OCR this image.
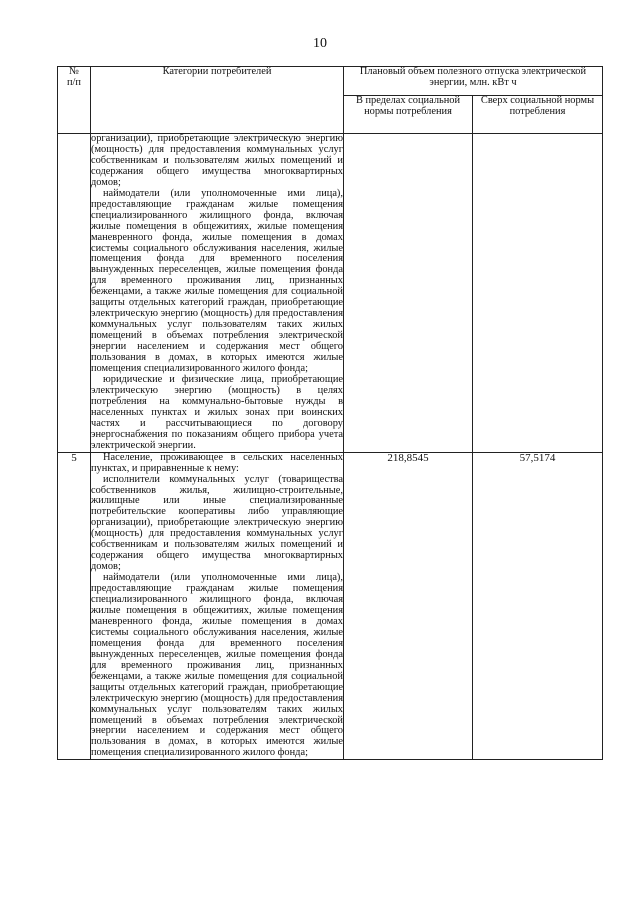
10
№
п/п	Категории потребителей	Плановый объем полезного отпуска электрической энергии, млн. кВт ч	
		В пределах социальной нормы потребления	Сверх социальной нормы потребления

	организации), приобретающие электрическую энергию (мощность) для предоставления коммунальных услуг собственникам и пользователям жилых помещений и содержания общего имущества многоквартирных домов;

наймодатели (или уполномоченные ими лица), предоставляющие гражданам жилые помещения специализированного жилищного фонда, включая жилые помещения в общежитиях, жилые помещения маневренного фонда, жилые помещения в домах системы социального обслуживания населения, жилые помещения фонда для временного поселения вынужденных переселенцев, жилые помещения фонда для временного проживания лиц, признанных беженцами, а также жилые помещения для социальной защиты отдельных категорий граждан, приобретающие электрическую энергию (мощность) для предоставления коммунальных услуг пользователям таких жилых помещений в объемах потребления электрической энергии населением и содержания мест общего пользования в домах, в которых имеются жилые помещения специализированного жилого фонда;

юридические и физические лица, приобретающие электрическую энергию (мощность) в целях потребления на коммунально-бытовые нужды в населенных пунктах и жилых зонах при воинских частях и рассчитывающиеся по договору энергоснабжения по показаниям общего прибора учета электрической энергии.		

5	Население, проживающее в сельских населенных пунктах, и приравненные к нему:

исполнители коммунальных услуг (товарищества собственников жилья, жилищно-строительные, жилищные или иные специализированные потребительские кооперативы либо управляющие организации), приобретающие электрическую энергию (мощность) для предоставления коммунальных услуг собственникам и пользователям жилых помещений и содержания общего имущества многоквартирных домов;

наймодатели (или уполномоченные ими лица), предоставляющие гражданам жилые помещения специализированного жилищного фонда, включая жилые помещения в общежитиях, жилые помещения маневренного фонда, жилые помещения в домах системы социального обслуживания населения, жилые помещения фонда для временного поселения вынужденных переселенцев, жилые помещения фонда для временного проживания лиц, признанных беженцами, а также жилые помещения для социальной защиты отдельных категорий граждан, приобретающие электрическую энергию (мощность) для предоставления коммунальных услуг пользователям таких жилых помещений в объемах потребления электрической энергии населением и содержания мест общего пользования в домах, в которых имеются жилые помещения специализированного жилого фонда;	218,8545	57,5174
